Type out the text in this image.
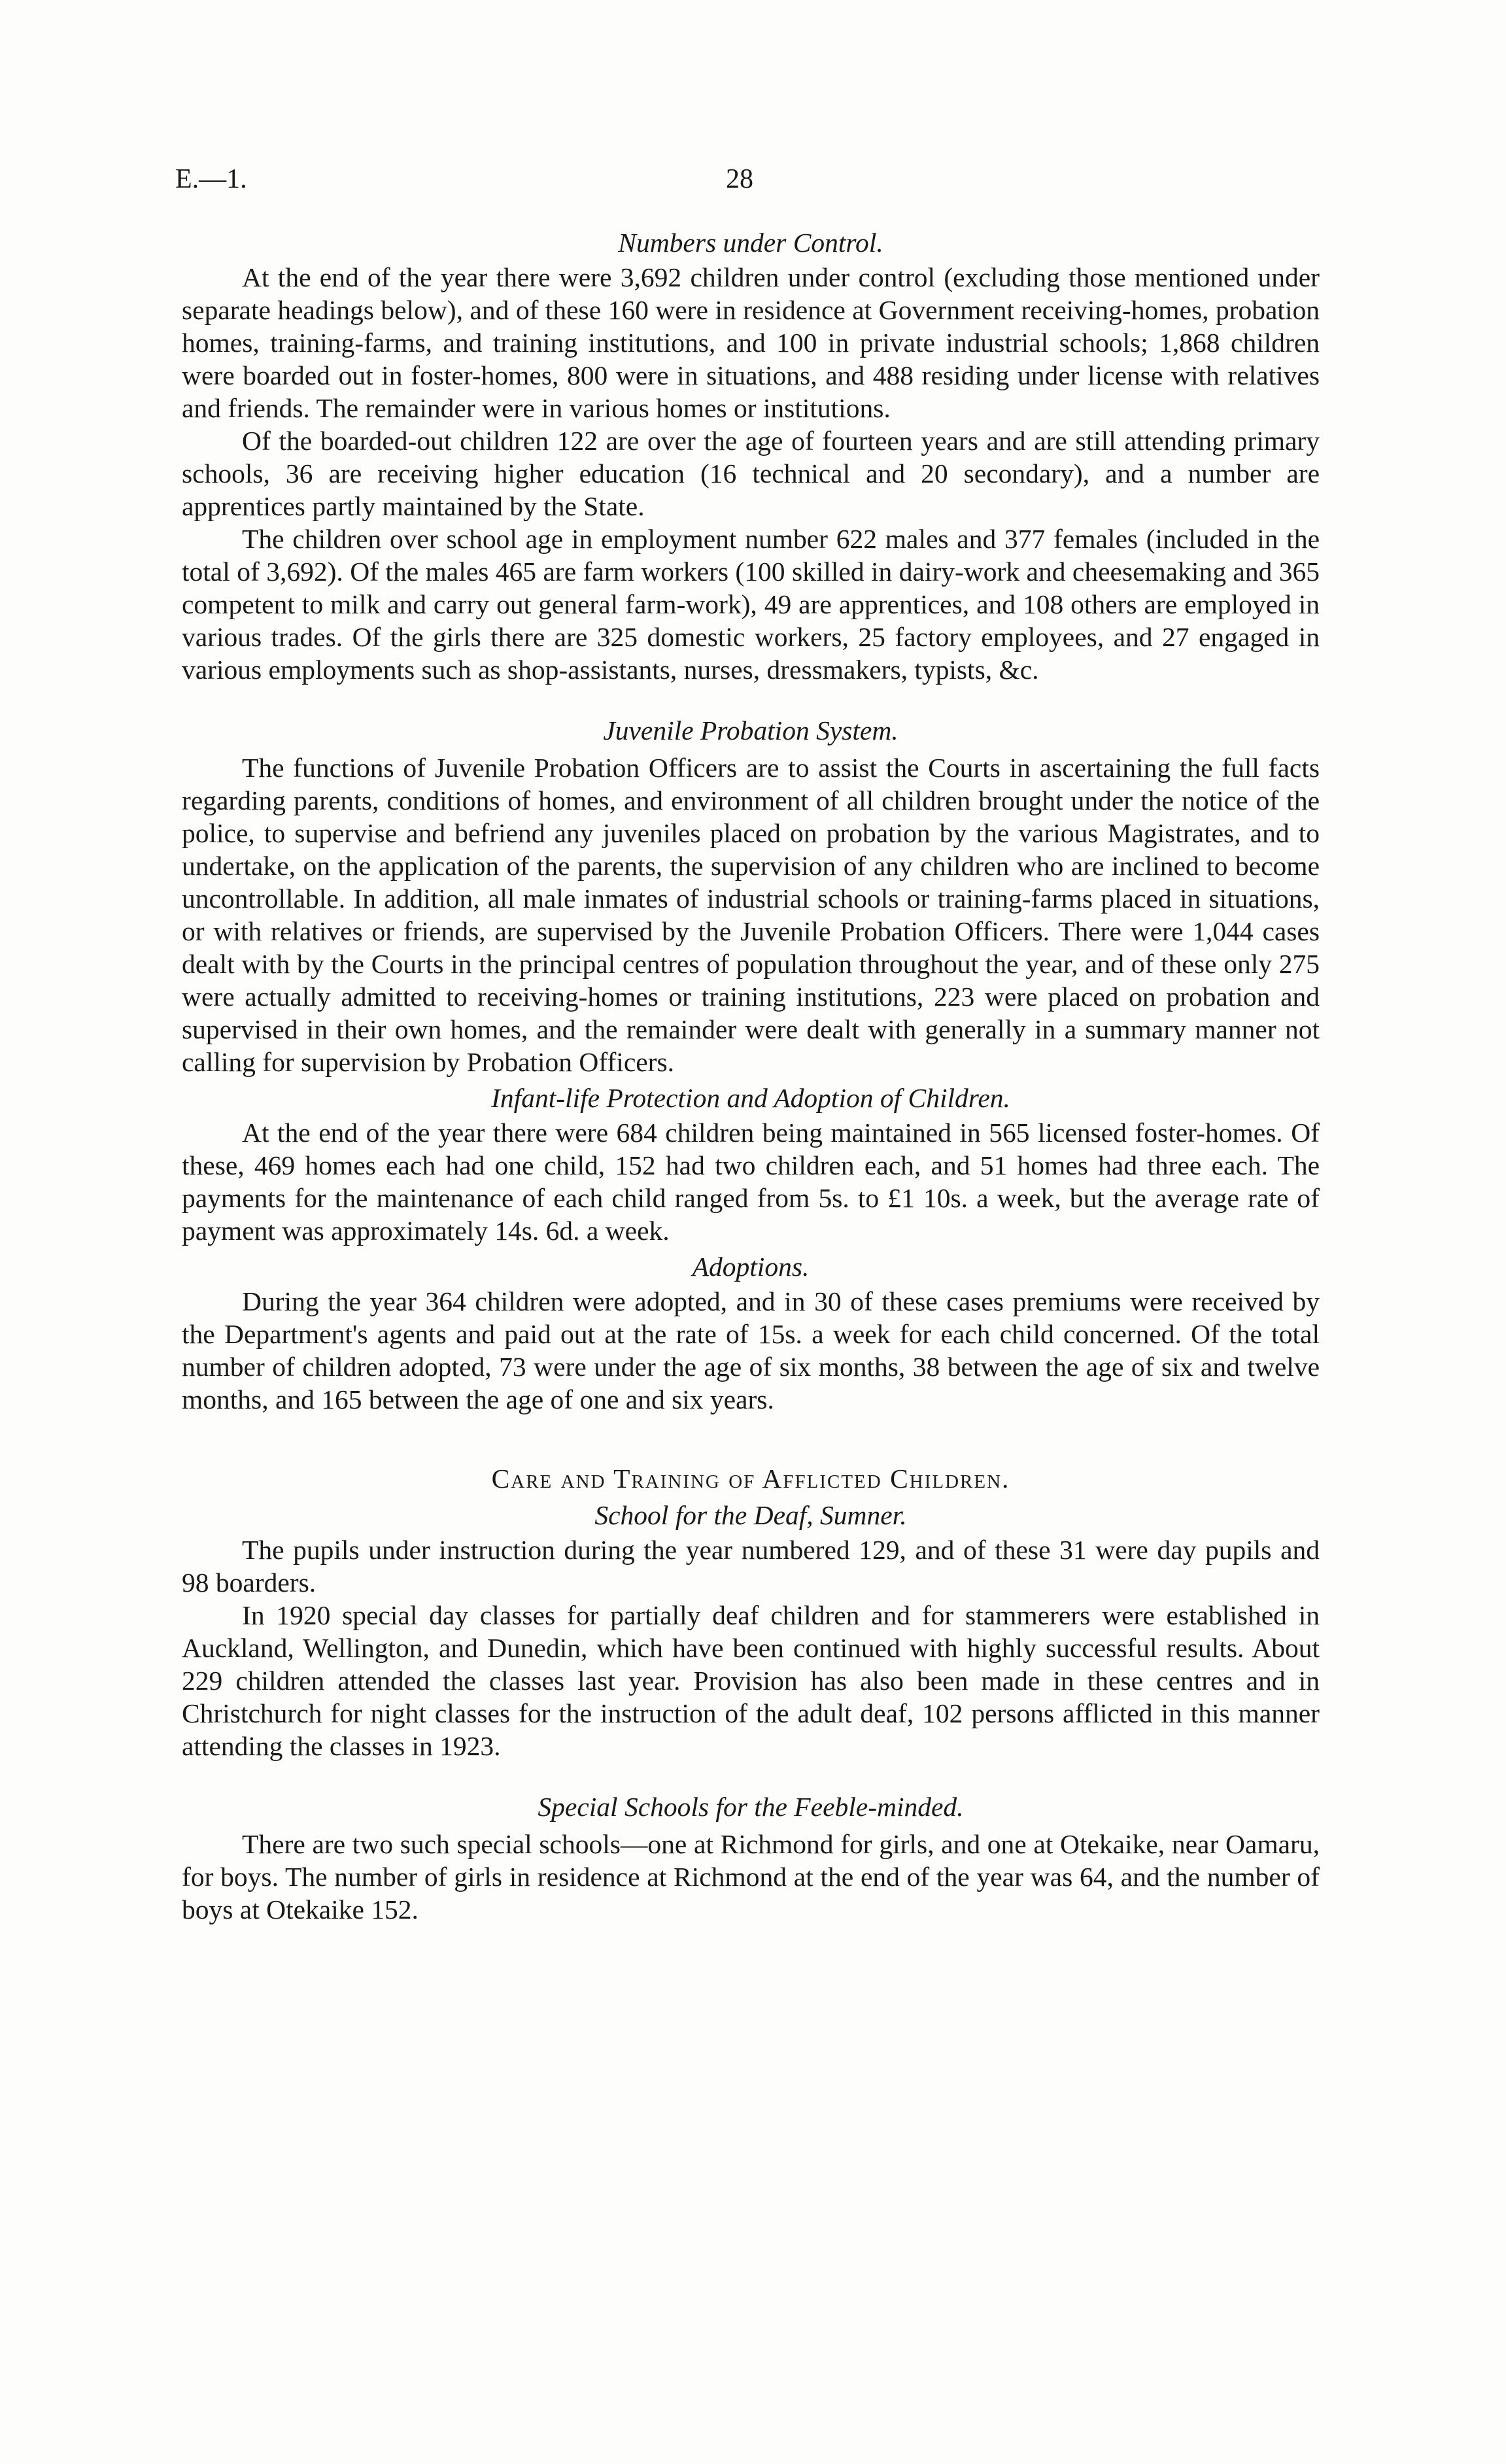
E.—1.	28
Numbers under Control.

At the end of the year there were 3,692 children under control (excluding those mentioned under separate headings below), and of these 160 were in residence at Government receiving-homes, probation homes, training-farms, and training institutions, and 100 in private industrial schools; 1,868 children were boarded out in foster-homes, 800 were in situations, and 488 residing under license with relatives and friends. The remainder were in various homes or institutions.

Of the boarded-out children 122 are over the age of fourteen years and are still attending primary schools, 36 are receiving higher education (16 technical and 20 secondary), and a number are apprentices partly maintained by the State.

The children over school age in employment number 622 males and 377 females (included in the total of 3,692). Of the males 465 are farm workers (100 skilled in dairy-work and cheesemaking and 365 competent to milk and carry out general farm-work), 49 are apprentices, and 108 others are employed in various trades. Of the girls there are 325 domestic workers, 25 factory employees, and 27 engaged in various employments such as shop-assistants, nurses, dressmakers, typists, &c.

Juvenile Probation System.

The functions of Juvenile Probation Officers are to assist the Courts in ascertaining the full facts regarding parents, conditions of homes, and environment of all children brought under the notice of the police, to supervise and befriend any juveniles placed on probation by the various Magistrates, and to undertake, on the application of the parents, the supervision of any children who are inclined to become uncontrollable. In addition, all male inmates of industrial schools or training-farms placed in situations, or with relatives or friends, are supervised by the Juvenile Probation Officers. There were 1,044 cases dealt with by the Courts in the principal centres of population throughout the year, and of these only 275 were actually admitted to receiving-homes or training institutions, 223 were placed on probation and supervised in their own homes, and the remainder were dealt with generally in a summary manner not calling for supervision by Probation Officers.

Infant-life Protection and Adoption of Children.

At the end of the year there were 684 children being maintained in 565 licensed foster-homes. Of these, 469 homes each had one child, 152 had two children each, and 51 homes had three each. The payments for the maintenance of each child ranged from 5s. to £1 10s. a week, but the average rate of payment was approximately 14s. 6d. a week.

Adoptions.

During the year 364 children were adopted, and in 30 of these cases premiums were received by the Department's agents and paid out at the rate of 15s. a week for each child concerned. Of the total number of children adopted, 73 were under the age of six months, 38 between the age of six and twelve months, and 165 between the age of one and six years.

Care and Training of Afflicted Children.
School for the Deaf, Sumner.

The pupils under instruction during the year numbered 129, and of these 31 were day pupils and 98 boarders.

In 1920 special day classes for partially deaf children and for stammerers were established in Auckland, Wellington, and Dunedin, which have been continued with highly successful results. About 229 children attended the classes last year. Provision has also been made in these centres and in Christchurch for night classes for the instruction of the adult deaf, 102 persons afflicted in this manner attending the classes in 1923.

Special Schools for the Feeble-minded.

There are two such special schools—one at Richmond for girls, and one at Otekaike, near Oamaru, for boys. The number of girls in residence at Richmond at the end of the year was 64, and the number of boys at Otekaike 152.
